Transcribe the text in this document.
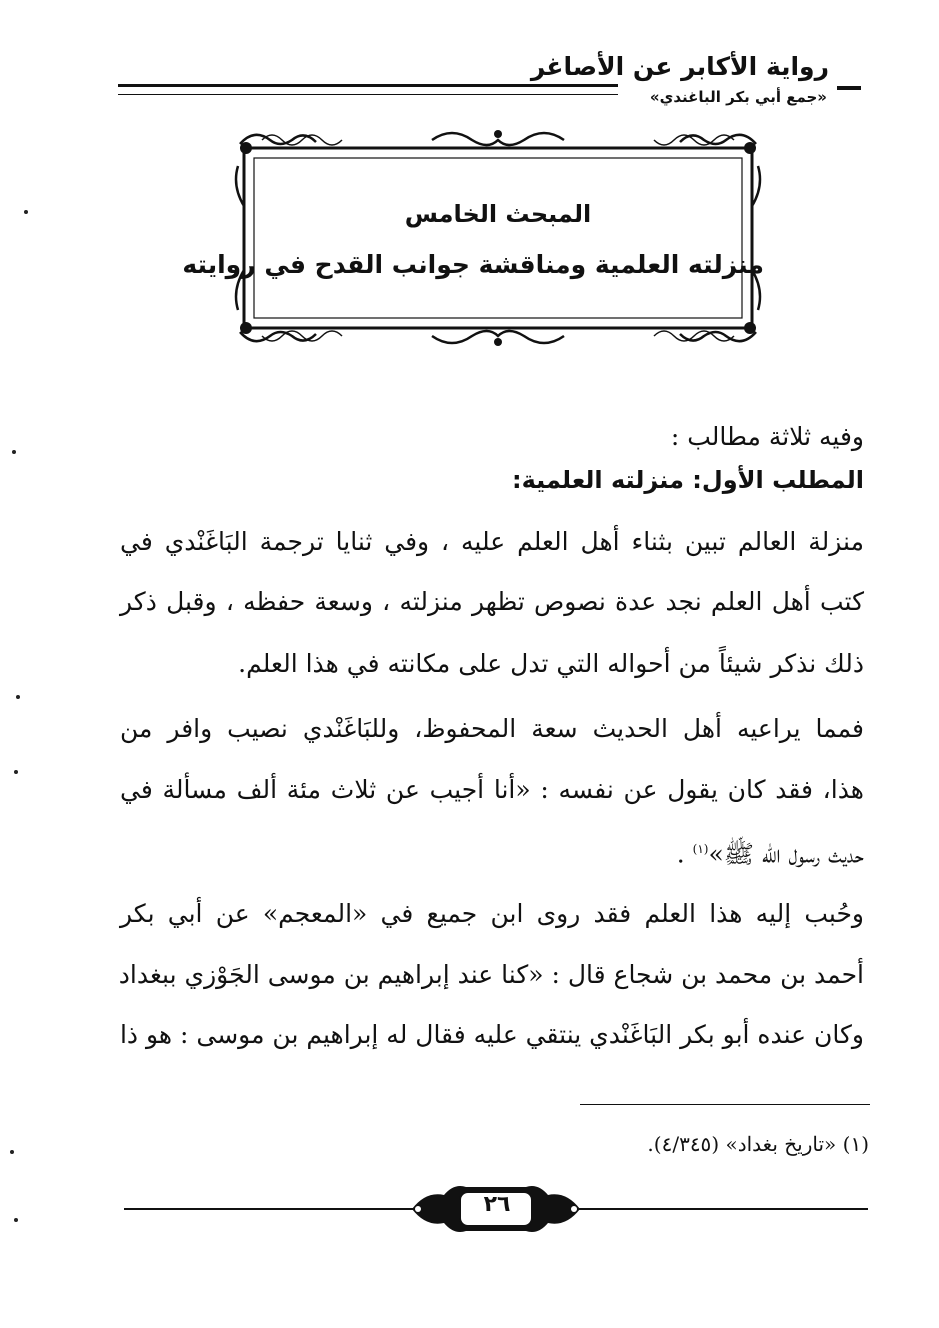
رواية الأكابر عن الأصاغر
«جمع أبي بكر الباغندي»
المبحث الخامس
منزلته العلمية ومناقشة جوانب القدح في روايته
وفيه ثلاثة مطالب :
المطلب الأول: منزلته العلمية:
منزلة العالم تبين بثناء أهل العلم عليه ، وفي ثنايا ترجمة البَاغَنْدي في
كتب أهل العلم نجد عدة نصوص تظهر منزلته ، وسعة حفظه ، وقبل ذكر
ذلك نذكر شيئاً من أحواله التي تدل على مكانته في هذا العلم.
فمما يراعيه أهل الحديث سعة المحفوظ، وللبَاغَنْدي نصيب وافر من
هذا، فقد كان يقول عن نفسه : «أنا أجيب عن ثلاث مئة ألف مسألة في
حديث رسول الله ﷺ»$^{(١)}$ .
وحُبب إليه هذا العلم فقد روى ابن جميع في «المعجم» عن أبي بكر
أحمد بن محمد بن شجاع قال : «كنا عند إبراهيم بن موسى الجَوْزي ببغداد
وكان عنده أبو بكر البَاغَنْدي ينتقي عليه فقال له إبراهيم بن موسى : هو ذا
(١) «تاريخ بغداد» (٤/٣٤٥).
٢٦
